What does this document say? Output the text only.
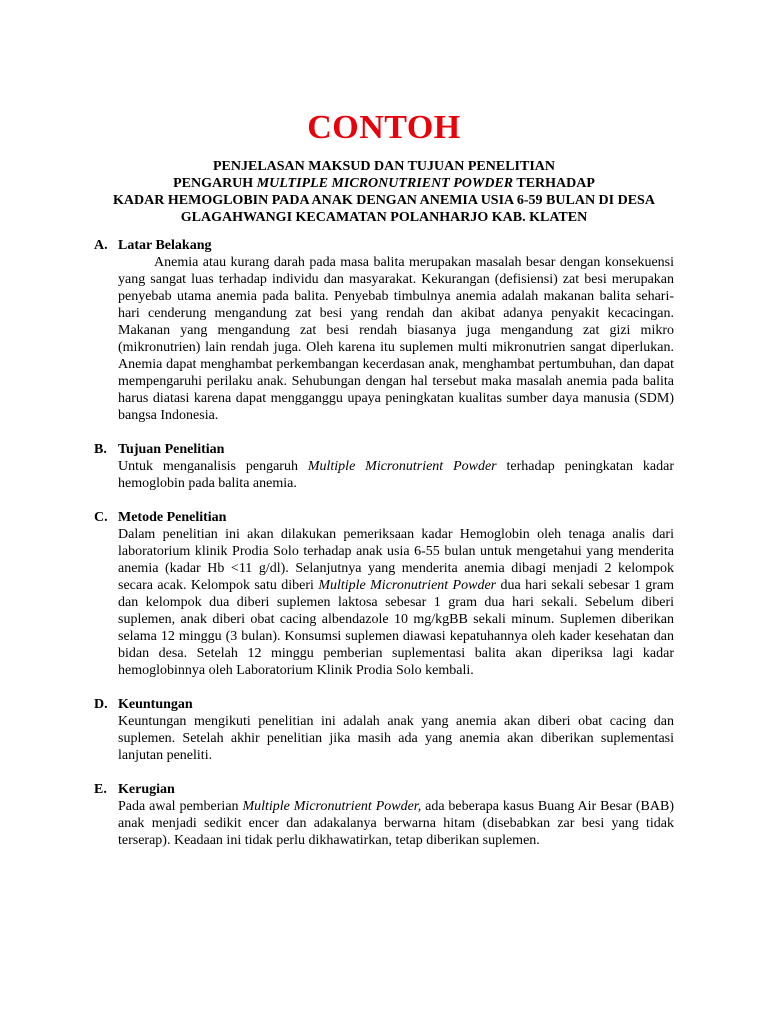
CONTOH
PENJELASAN MAKSUD DAN TUJUAN PENELITIAN
PENGARUH MULTIPLE MICRONUTRIENT POWDER TERHADAP
KADAR HEMOGLOBIN PADA ANAK DENGAN ANEMIA USIA 6-59 BULAN DI DESA
GLAGAHWANGI KECAMATAN POLANHARJO KAB. KLATEN
A. Latar Belakang
Anemia atau kurang darah pada masa balita merupakan masalah besar dengan konsekuensi yang sangat luas terhadap individu dan masyarakat. Kekurangan (defisiensi) zat besi merupakan penyebab utama anemia pada balita. Penyebab timbulnya anemia adalah makanan balita sehari-hari cenderung mengandung zat besi yang rendah dan akibat adanya penyakit kecacingan. Makanan yang mengandung zat besi rendah biasanya juga mengandung zat gizi mikro (mikronutrien) lain rendah juga. Oleh karena itu suplemen multi mikronutrien sangat diperlukan. Anemia dapat menghambat perkembangan kecerdasan anak, menghambat pertumbuhan, dan dapat mempengaruhi perilaku anak. Sehubungan dengan hal tersebut maka masalah anemia pada balita harus diatasi karena dapat mengganggu upaya peningkatan kualitas sumber daya manusia (SDM) bangsa Indonesia.
B. Tujuan Penelitian
Untuk menganalisis pengaruh Multiple Micronutrient Powder terhadap peningkatan kadar hemoglobin pada balita anemia.
C. Metode Penelitian
Dalam penelitian ini akan dilakukan pemeriksaan kadar Hemoglobin oleh tenaga analis dari laboratorium klinik Prodia Solo terhadap anak usia 6-55 bulan untuk mengetahui yang menderita anemia (kadar Hb <11 g/dl). Selanjutnya yang menderita anemia dibagi menjadi 2 kelompok secara acak. Kelompok satu diberi Multiple Micronutrient Powder dua hari sekali sebesar 1 gram dan kelompok dua diberi suplemen laktosa sebesar 1 gram dua hari sekali. Sebelum diberi suplemen, anak diberi obat cacing albendazole 10 mg/kgBB sekali minum. Suplemen diberikan selama 12 minggu (3 bulan). Konsumsi suplemen diawasi kepatuhannya oleh kader kesehatan dan bidan desa. Setelah 12 minggu pemberian suplementasi balita akan diperiksa lagi kadar hemoglobinnya oleh Laboratorium Klinik Prodia Solo kembali.
D. Keuntungan
Keuntungan mengikuti penelitian ini adalah anak yang anemia akan diberi obat cacing dan suplemen. Setelah akhir penelitian jika masih ada yang anemia akan diberikan suplementasi lanjutan peneliti.
E. Kerugian
Pada awal pemberian Multiple Micronutrient Powder, ada beberapa kasus Buang Air Besar (BAB) anak menjadi sedikit encer dan adakalanya berwarna hitam (disebabkan zar besi yang tidak terserap). Keadaan ini tidak perlu dikhawatirkan, tetap diberikan suplemen.
